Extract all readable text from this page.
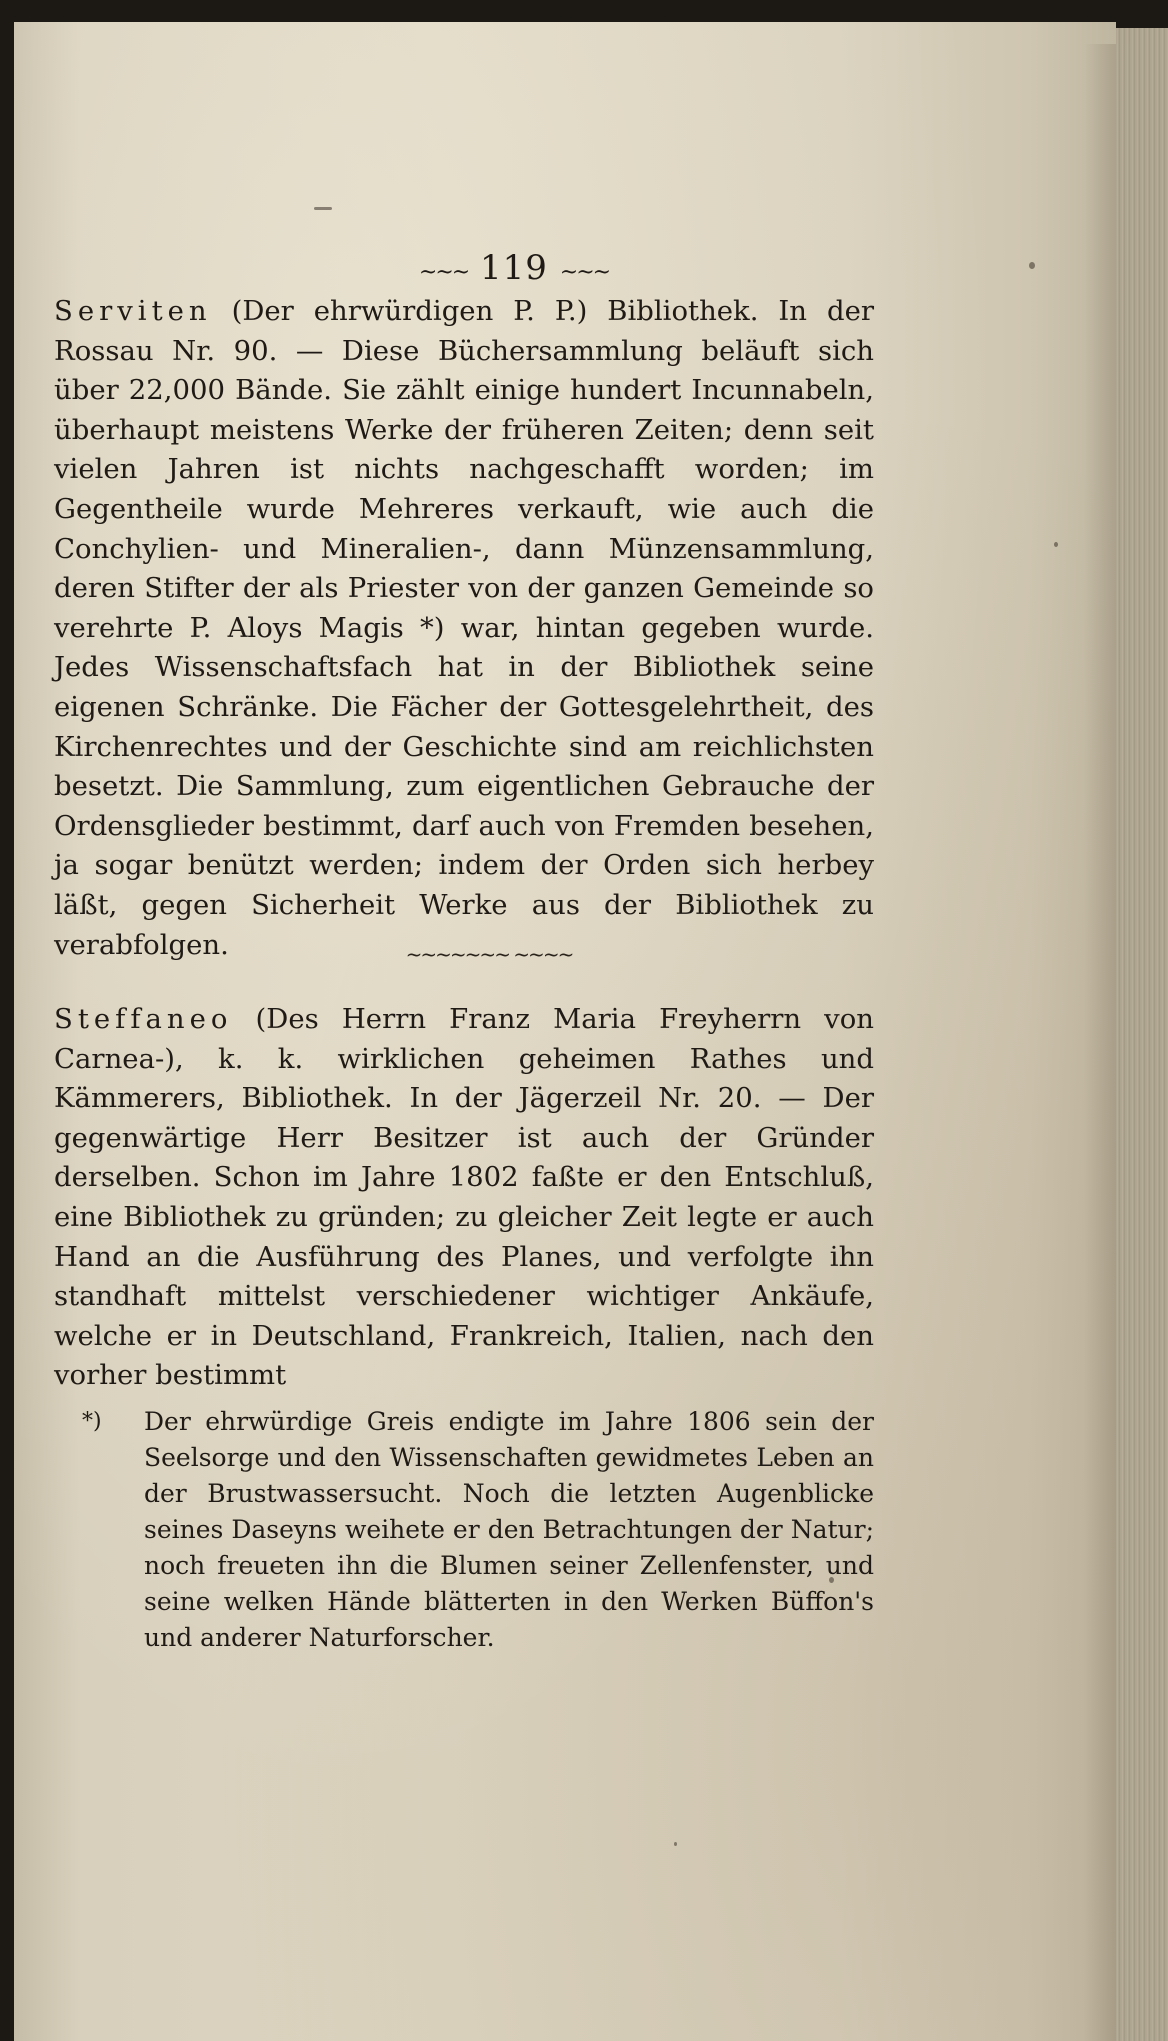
~~~ 119 ~~~
Serviten (Der ehrwürdigen P. P.) Bibliothek. In der Rossau Nr. 90. — Diese Büchersammlung beläuft sich über 22,000 Bände. Sie zählt einige hundert Incunnabeln, überhaupt meistens Werke der früheren Zeiten; denn seit vielen Jahren ist nichts nachgeschafft worden; im Gegentheile wurde Mehreres verkauft, wie auch die Conchylien- und Mineralien-, dann Münzensammlung, deren Stifter der als Priester von der ganzen Gemeinde so verehrte P. Aloys Magis *) war, hintan gegeben wurde. Jedes Wissenschaftsfach hat in der Bibliothek seine eigenen Schränke. Die Fächer der Gottesgelehrtheit, des Kirchenrechtes und der Geschichte sind am reichlichsten besetzt. Die Sammlung, zum eigentlichen Gebrauche der Ordensglieder bestimmt, darf auch von Fremden besehen, ja sogar benützt werden; indem der Orden sich herbey läßt, gegen Sicherheit Werke aus der Bibliothek zu verabfolgen.	~~~~~~~ ~~~~
Steffaneo (Des Herrn Franz Maria Freyherrn von Carnea-), k. k. wirklichen geheimen Rathes und Kämmerers, Bibliothek. In der Jägerzeil Nr. 20. — Der gegenwärtige Herr Besitzer ist auch der Gründer derselben. Schon im Jahre 1802 faßte er den Entschluß, eine Bibliothek zu gründen; zu gleicher Zeit legte er auch Hand an die Ausführung des Planes, und verfolgte ihn standhaft mittelst verschiedener wichtiger Ankäufe, welche er in Deutschland, Frankreich, Italien, nach den vorher bestimmt
*)	Der ehrwürdige Greis endigte im Jahre 1806 sein der Seelsorge und den Wissenschaften gewidmetes Leben an der Brustwassersucht. Noch die letzten Augenblicke seines Daseyns weihete er den Betrachtungen der Natur; noch freueten ihn die Blumen seiner Zellenfenster, und seine welken Hände blätterten in den Werken Büffon's und anderer Naturforscher.
